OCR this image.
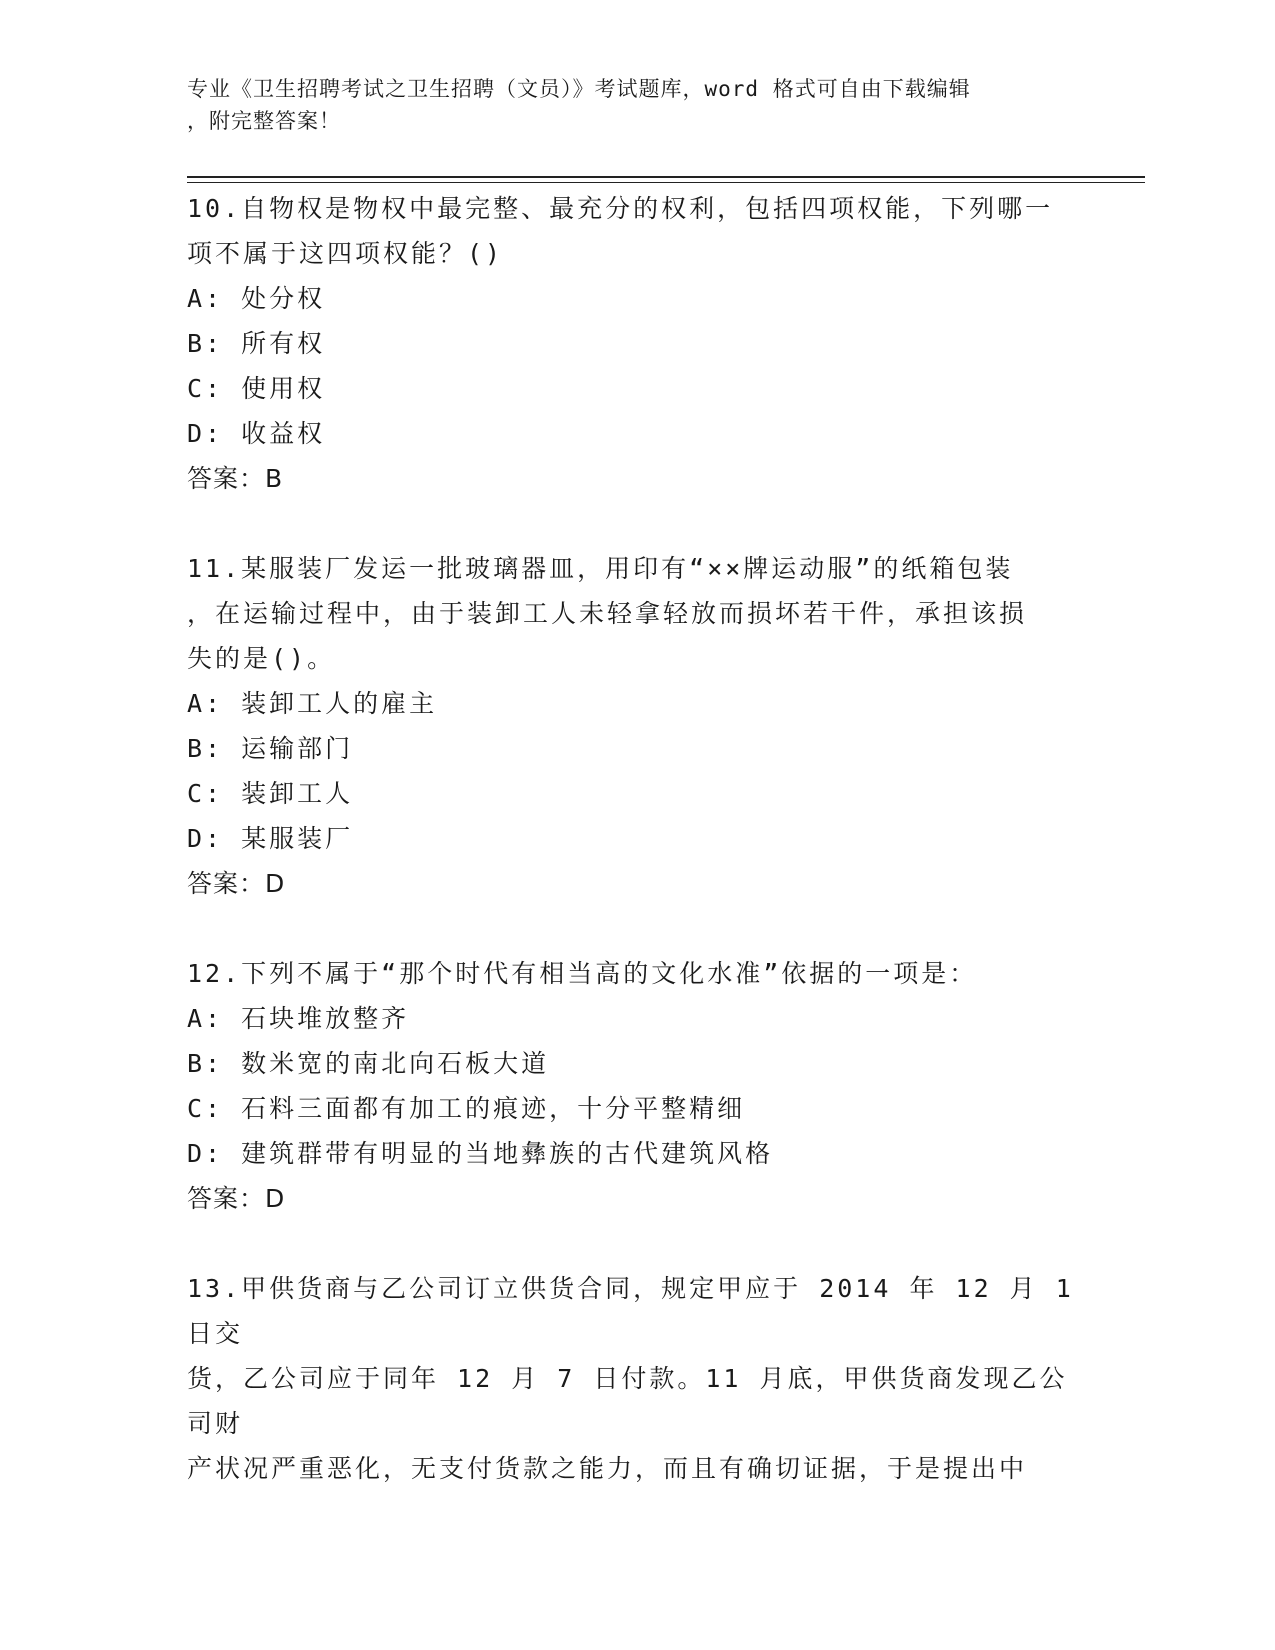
专业《卫生招聘考试之卫生招聘（文员）》考试题库，word 格式可自由下载编辑
，附完整答案！

10.自物权是物权中最完整、最充分的权利，包括四项权能，下列哪一

项不属于这四项权能？()

A: 处分权

B: 所有权

C: 使用权

D: 收益权

答案：B

11.某服装厂发运一批玻璃器皿，用印有“××牌运动服”的纸箱包装

，在运输过程中，由于装卸工人未轻拿轻放而损坏若干件，承担该损

失的是()。

A: 装卸工人的雇主

B: 运输部门

C: 装卸工人

D: 某服装厂

答案：D

12.下列不属于“那个时代有相当高的文化水准”依据的一项是：

A: 石块堆放整齐

B: 数米宽的南北向石板大道

C: 石料三面都有加工的痕迹，十分平整精细

D: 建筑群带有明显的当地彝族的古代建筑风格

答案：D

13.甲供货商与乙公司订立供货合同，规定甲应于 2014 年 12 月 1 日交

货，乙公司应于同年 12 月 7 日付款。11 月底，甲供货商发现乙公司财

产状况严重恶化，无支付货款之能力，而且有确切证据，于是提出中
